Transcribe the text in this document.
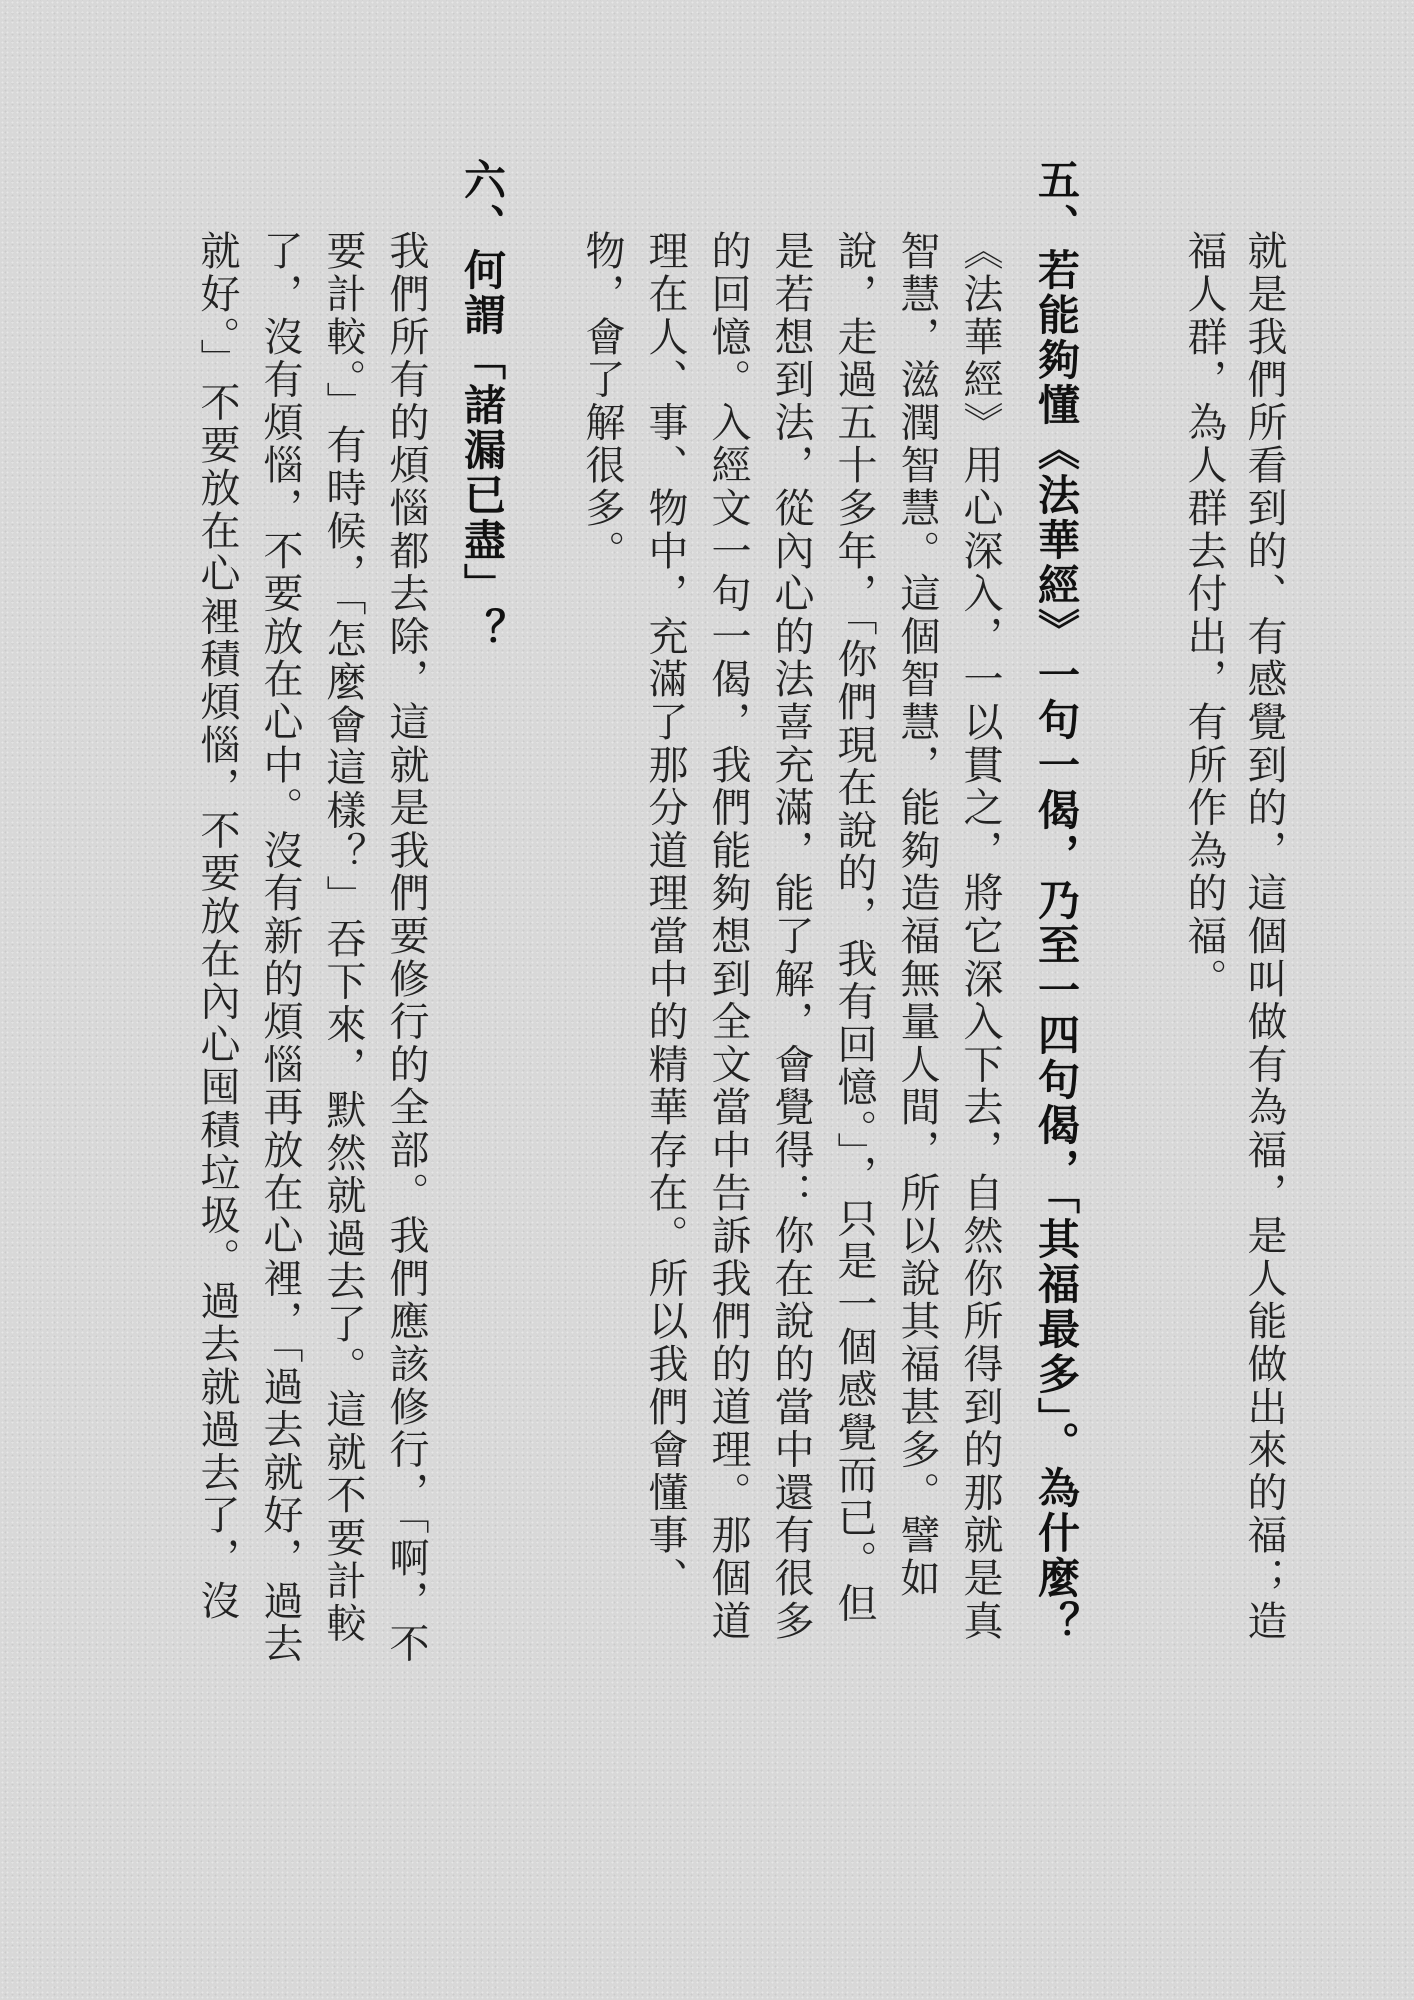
就是我們所看到的、有感覺到的，這個叫做有為福，是人能做出來的福；造
福人群，為人群去付出，有所作為的福。
五、若能夠懂《法華經》一句一偈，乃至一四句偈，「其福最多」。為什麼？
《法華經》用心深入，一以貫之，將它深入下去，自然你所得到的那就是真
智慧，滋潤智慧。這個智慧，能夠造福無量人間，所以說其福甚多。譬如
說，走過五十多年，「你們現在說的，我有回憶。」，只是一個感覺而已。但
是若想到法，從內心的法喜充滿，能了解，會覺得：你在說的當中還有很多
的回憶。入經文一句一偈，我們能夠想到全文當中告訴我們的道理。那個道
理在人、事、物中，充滿了那分道理當中的精華存在。所以我們會懂事、
物，會了解很多。
六、何謂「諸漏已盡」？
我們所有的煩惱都去除，這就是我們要修行的全部。我們應該修行，「啊，不
要計較。」有時候，「怎麼會這樣？」吞下來，默然就過去了。這就不要計較
了，沒有煩惱，不要放在心中。沒有新的煩惱再放在心裡，「過去就好，過去
就好。」不要放在心裡積煩惱，不要放在內心囤積垃圾。過去就過去了，沒
